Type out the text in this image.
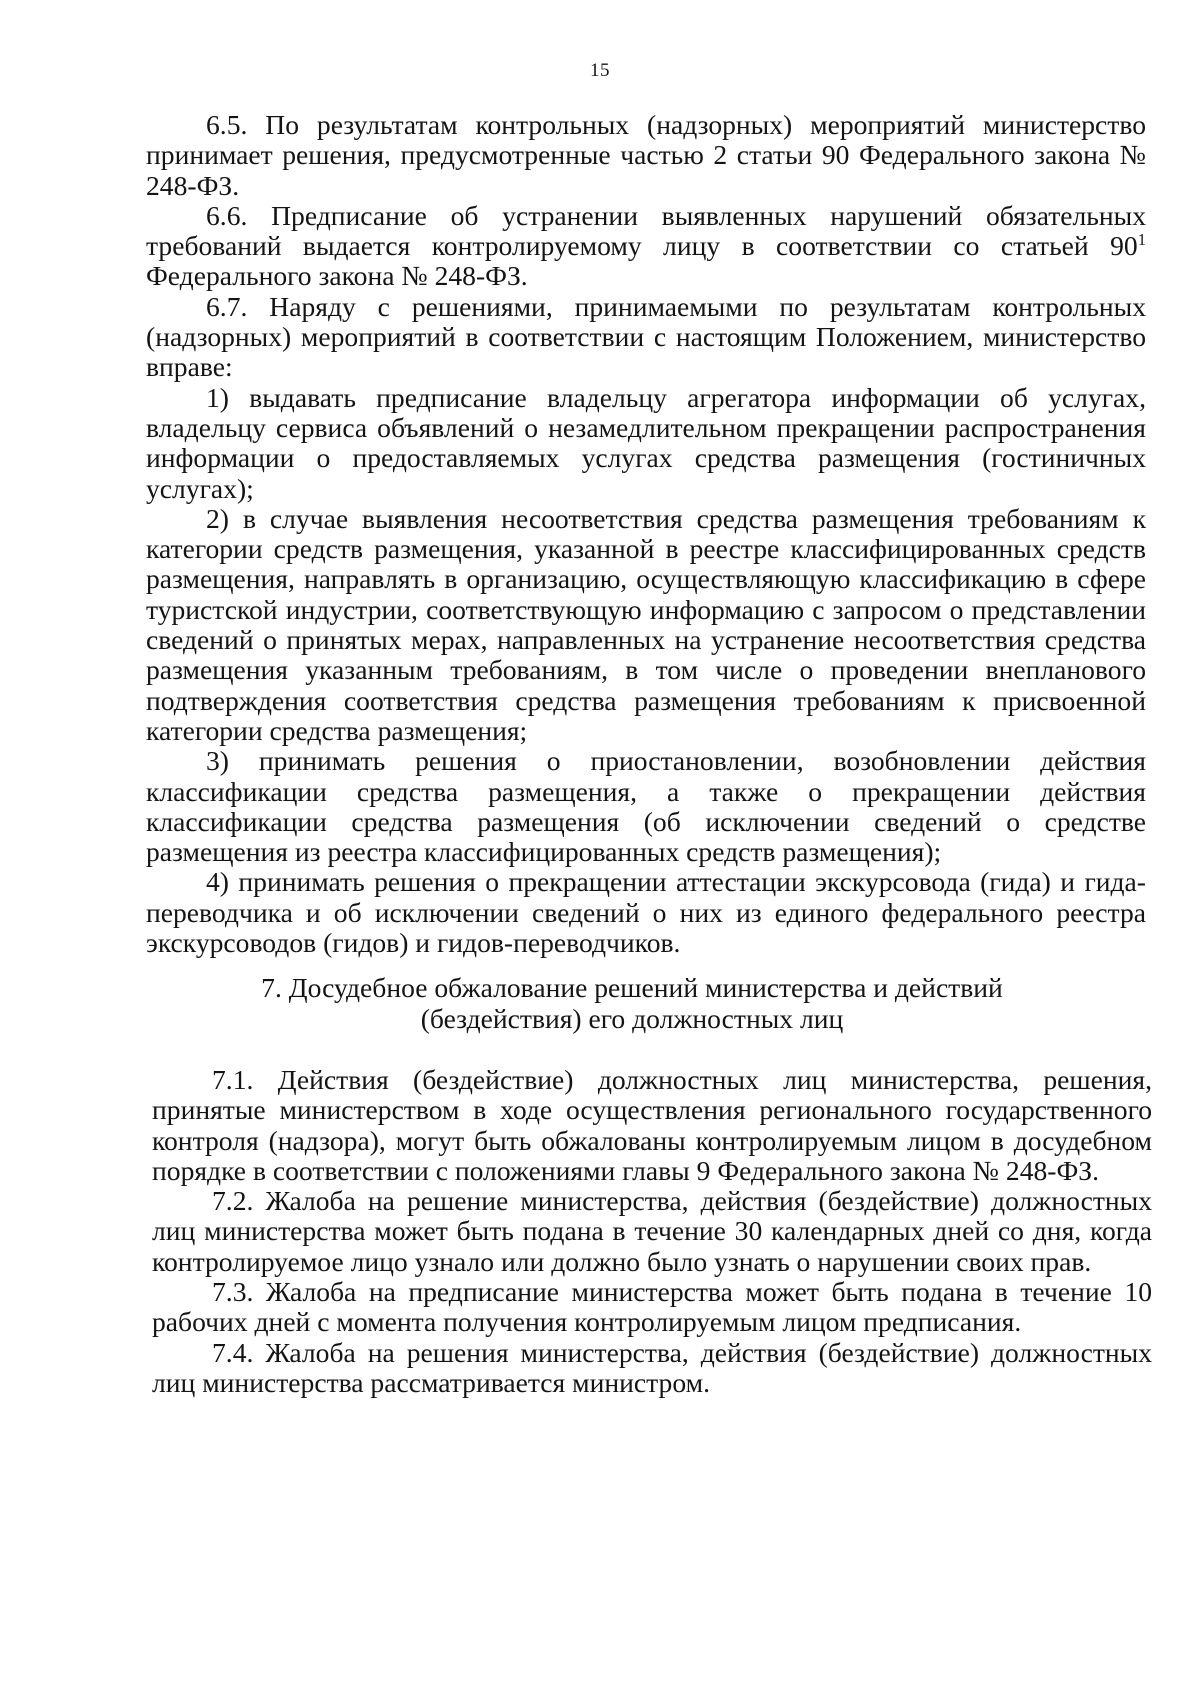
15

6.5. По результатам контрольных (надзорных) мероприятий министерство принимает решения, предусмотренные частью 2 статьи 90 Федерального закона № 248-ФЗ.

6.6. Предписание об устранении выявленных нарушений обязательных требований выдается контролируемому лицу в соответствии со статьей $90^1$ Федерального закона № 248-ФЗ.

6.7. Наряду с решениями, принимаемыми по результатам контрольных (надзорных) мероприятий в соответствии с настоящим Положением, министерство вправе:

1) выдавать предписание владельцу агрегатора информации об услугах, владельцу сервиса объявлений о незамедлительном прекращении распространения информации о предоставляемых услугах средства размещения (гостиничных услугах);

2) в случае выявления несоответствия средства размещения требованиям к категории средств размещения, указанной в реестре классифицированных средств размещения, направлять в организацию, осуществляющую классификацию в сфере туристской индустрии, соответствующую информацию с запросом о представлении сведений о принятых мерах, направленных на устранение несоответствия средства размещения указанным требованиям, в том числе о проведении внепланового подтверждения соответствия средства размещения требованиям к присвоенной категории средства размещения;

3) принимать решения о приостановлении, возобновлении действия классификации средства размещения, а также о прекращении действия классификации средства размещения (об исключении сведений о средстве размещения из реестра классифицированных средств размещения);

4) принимать решения о прекращении аттестации экскурсовода (гида) и гида-переводчика и об исключении сведений о них из единого федерального реестра экскурсоводов (гидов) и гидов-переводчиков.

7. Досудебное обжалование решений министерства и действий
(бездействия) его должностных лиц

7.1. Действия (бездействие) должностных лиц министерства, решения, принятые министерством в ходе осуществления регионального государственного контроля (надзора), могут быть обжалованы контролируемым лицом в досудебном порядке в соответствии с положениями главы 9 Федерального закона № 248-ФЗ.

7.2. Жалоба на решение министерства, действия (бездействие) должностных лиц министерства может быть подана в течение 30 календарных дней со дня, когда контролируемое лицо узнало или должно было узнать о нарушении своих прав.

7.3. Жалоба на предписание министерства может быть подана в течение 10 рабочих дней с момента получения контролируемым лицом предписания.

7.4. Жалоба на решения министерства, действия (бездействие) должностных лиц министерства рассматривается министром.
